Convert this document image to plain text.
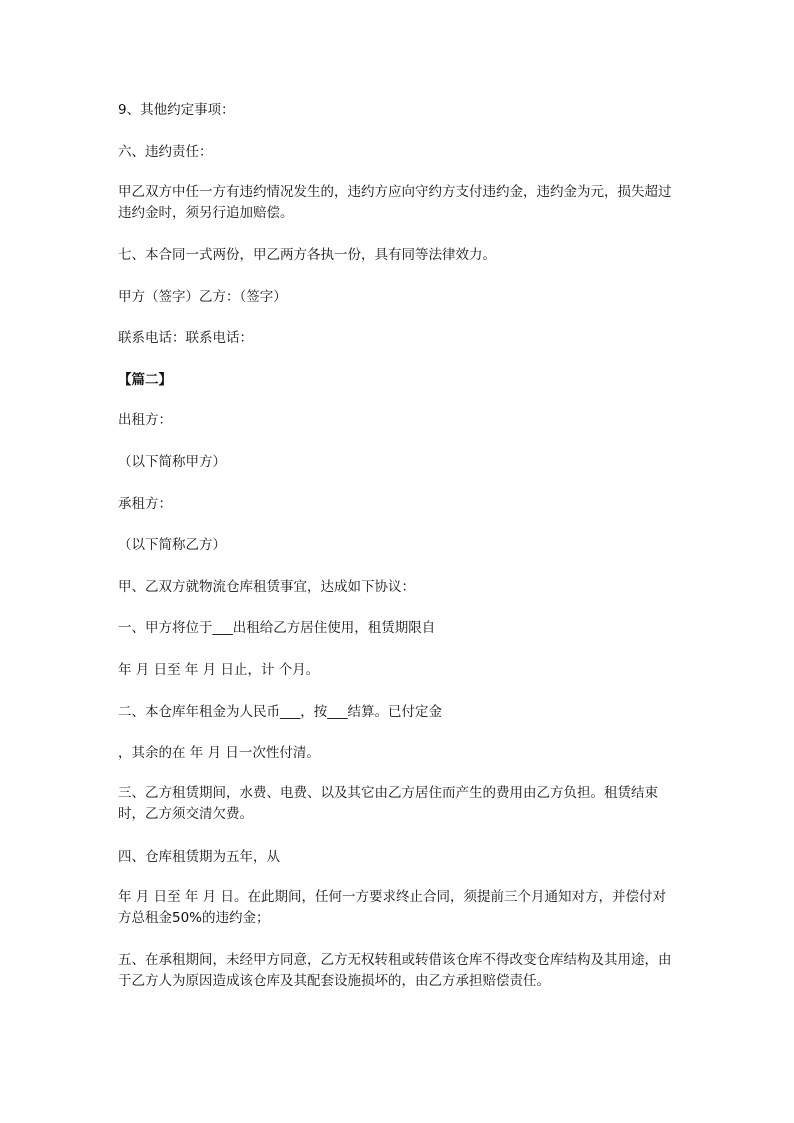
9、其他约定事项：

六、违约责任：

甲乙双方中任一方有违约情况发生的，违约方应向守约方支付违约金，违约金为元，损失超过违约金时，须另行追加赔偿。

七、本合同一式两份，甲乙两方各执一份，具有同等法律效力。

甲方（签字）乙方：（签字）

联系电话：联系电话：

【篇二】

出租方：

（以下简称甲方）

承租方：

（以下简称乙方）

甲、乙双方就物流仓库租赁事宜，达成如下协议：

一、甲方将位于___出租给乙方居住使用，租赁期限自

年 月 日至 年 月 日止，计 个月。

二、本仓库年租金为人民币___，按___结算。已付定金

，其余的在 年 月 日一次性付清。

三、乙方租赁期间，水费、电费、以及其它由乙方居住而产生的费用由乙方负担。租赁结束时，乙方须交清欠费。

四、仓库租赁期为五年，从

年 月 日至 年 月 日。在此期间，任何一方要求终止合同，须提前三个月通知对方，并偿付对方总租金50%的违约金；

五、在承租期间，未经甲方同意，乙方无权转租或转借该仓库不得改变仓库结构及其用途，由于乙方人为原因造成该仓库及其配套设施损坏的，由乙方承担赔偿责任。
